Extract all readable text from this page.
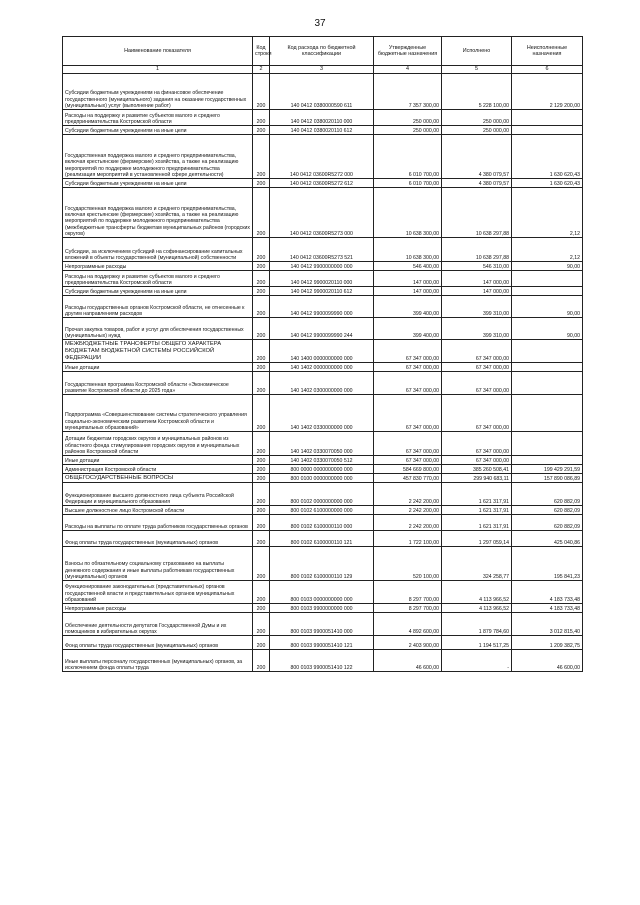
37
Наименование показателя	Код строки	Код расхода по бюджетной классификации	Утвержденные бюджетные назначения	Исполнено	Неисполненные назначения
1	2	3	4	5	6
Субсидии бюджетным учреждениям на финансовое обеспечение государственного (муниципального) задания на оказание государственных (муниципальных) услуг (выполнение работ)	200	140 0412 0380000590 611	7 357 300,00	5 228 100,00	2 129 200,00
Расходы на поддержку и развитие субъектов малого и среднего предпринимательства Костромской области	200	140 0412 0380020110 000	250 000,00	250 000,00	
Субсидии бюджетным учреждениям на иные цели	200	140 0412 0380020110 612	250 000,00	250 000,00	
Государственная поддержка малого и среднего предпринимательства, включая крестьянские (фермерские) хозяйства, а также на реализацию мероприятий по поддержке молодежного предпринимательства (реализация мероприятий в установленной сфере деятельности)	200	140 0412 03600R5272 000	6 010 700,00	4 380 079,57	1 630 620,43
Субсидии бюджетным учреждениям на иные цели	200	140 0412 03600R5272 612	6 010 700,00	4 380 079,57	1 630 620,43
Государственная поддержка малого и среднего предпринимательства, включая крестьянские (фермерские) хозяйства, а также на реализацию мероприятий по поддержке молодежного предпринимательства (межбюджетные трансферты бюджетам муниципальных районов (городских округов)	200	140 0412 03600R5273 000	10 638 300,00	10 638 297,88	2,12
Субсидии, за исключением субсидий на софинансирование капитальных вложений в объекты государственной (муниципальной) собственности	200	140 0412 03600R5273 521	10 638 300,00	10 638 297,88	2,12
Непрограммные расходы	200	140 0412 9900000000 000	546 400,00	546 310,00	90,00
Расходы на поддержку и развитие субъектов малого и среднего предпринимательства Костромской области	200	140 0412 9900020110 000	147 000,00	147 000,00	
Субсидии бюджетным учреждениям на иные цели	200	140 0412 9900020110 612	147 000,00	147 000,00	
Расходы государственных органов Костромской области, не отнесенные к другим направлениям расходов	200	140 0412 9900099990 000	399 400,00	399 310,00	90,00
Прочая закупка товаров, работ и услуг для обеспечения государственных (муниципальных) нужд	200	140 0412 9900099990 244	399 400,00	399 310,00	90,00
МЕЖБЮДЖЕТНЫЕ ТРАНСФЕРТЫ ОБЩЕГО ХАРАКТЕРА БЮДЖЕТАМ БЮДЖЕТНОЙ СИСТЕМЫ РОССИЙСКОЙ ФЕДЕРАЦИИ	200	140 1400 0000000000 000	67 347 000,00	67 347 000,00	
Иные дотации	200	140 1402 0000000000 000	67 347 000,00	67 347 000,00	
Государственная программа Костромской области «Экономическое развитие Костромской области до 2025 года»	200	140 1402 0300000000 000	67 347 000,00	67 347 000,00	
Подпрограмма «Совершенствование системы стратегического управления социально-экономическим развитием Костромской области и муниципальных образований»	200	140 1402 0330000000 000	67 347 000,00	67 347 000,00	
Дотации бюджетам городских округов и муниципальных районов из областного фонда стимулирования городских округов и муниципальных районов Костромской области	200	140 1402 0330070050 000	67 347 000,00	67 347 000,00	
Иные дотации	200	140 1402 0330070050 512	67 347 000,00	67 347 000,00	
Администрация Костромской области	200	800 0000 0000000000 000	584 669 800,00	385 260 508,41	199 429 291,59
ОБЩЕГОСУДАРСТВЕННЫЕ ВОПРОСЫ	200	800 0100 0000000000 000	457 830 770,00	299 940 683,11	157 890 086,89
Функционирование высшего должностного лица субъекта Российской Федерации и муниципального образования	200	800 0102 0000000000 000	2 242 200,00	1 621 317,91	620 882,09
Высшее должностное лицо Костромской области	200	800 0102 6100000000 000	2 242 200,00	1 621 317,91	620 882,09
Расходы на выплаты по оплате труда работников государственных органов	200	800 0102 6100000110 000	2 242 200,00	1 621 317,91	620 882,09
Фонд оплаты труда государственных (муниципальных) органов	200	800 0102 6100000110 121	1 722 100,00	1 297 059,14	425 040,86
Взносы по обязательному социальному страхованию на выплаты денежного содержания и иные выплаты работникам государственных (муниципальных) органов	200	800 0102 6100000110 129	520 100,00	324 258,77	195 841,23
Функционирование законодательных (представительных) органов государственной власти и представительных органов муниципальных образований	200	800 0103 0000000000 000	8 297 700,00	4 113 966,52	4 183 733,48
Непрограммные расходы	200	800 0103 9900000000 000	8 297 700,00	4 113 966,52	4 183 733,48
Обеспечение деятельности депутатов Государственной Думы и их помощников в избирательных округах	200	800 0103 9900051410 000	4 892 600,00	1 879 784,60	3 012 815,40
Фонд оплаты труда государственных (муниципальных) органов	200	800 0103 9900051410 121	2 403 900,00	1 194 517,25	1 209 382,75
Иные выплаты персоналу государственных (муниципальных) органов, за исключением фонда оплаты труда	200	800 0103 9900051410 122	46 600,00	-	46 600,00
